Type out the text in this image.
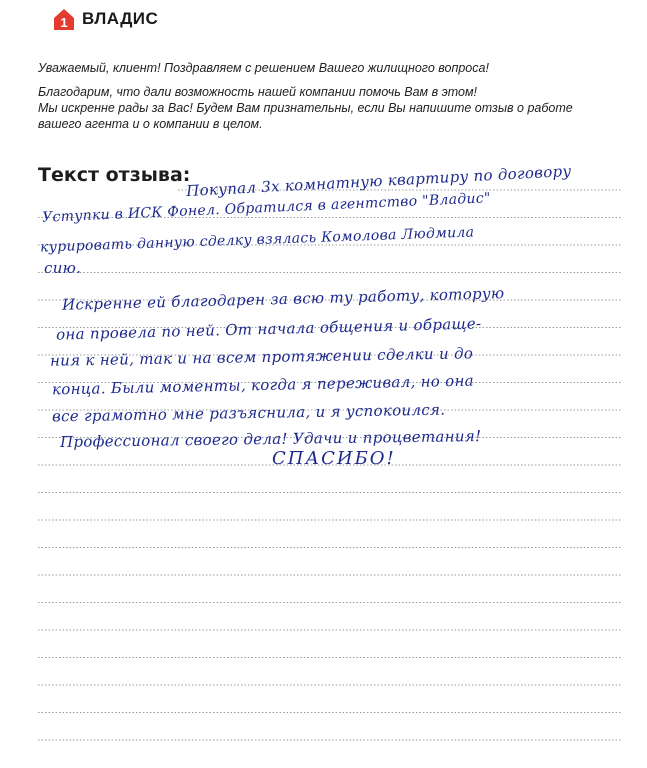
1 ВЛАДИС
Уважаемый, клиент! Поздравляем с решением Вашего жилищного вопроса!
Благодарим, что дали возможность нашей компании помочь Вам в этом!
Мы искренне рады за Вас! Будем Вам признательны, если Вы напишите отзыв о работе
вашего агента и о компании в целом.
Текст отзыва:
Покупал 3х комнатную квартиру по договору
Уступки в ИСК Фонел. Обратился в агентство "Владис"
курировать данную сделку взялась Комолова Людмила
сию.
Искренне ей благодарен за всю ту работу, которую
она провела по ней. От начала общения и обраще-
ния к ней, так и на всем протяжении сделки и до
конца. Были моменты, когда я переживал, но она
все грамотно мне разъяснила, и я успокоился.
Профессионал своего дела! Удачи и процветания!
СПАСИБО!
